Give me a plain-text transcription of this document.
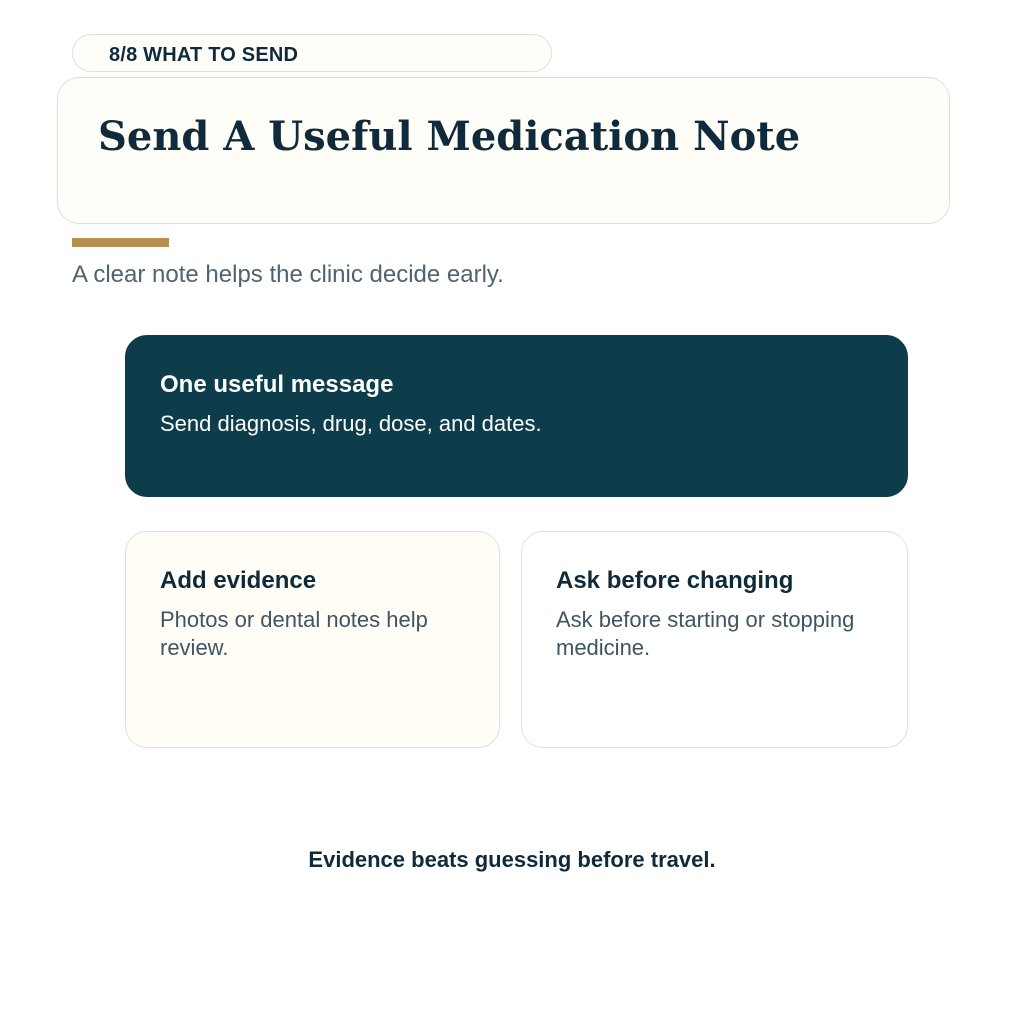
8/8 WHAT TO SEND
Send A Useful Medication Note

A clear note helps the clinic decide early.

One useful message

Send diagnosis, drug, dose, and dates.

Add evidence

Photos or dental notes help review.

Ask before changing

Ask before starting or stopping medicine.

Evidence beats guessing before travel.
